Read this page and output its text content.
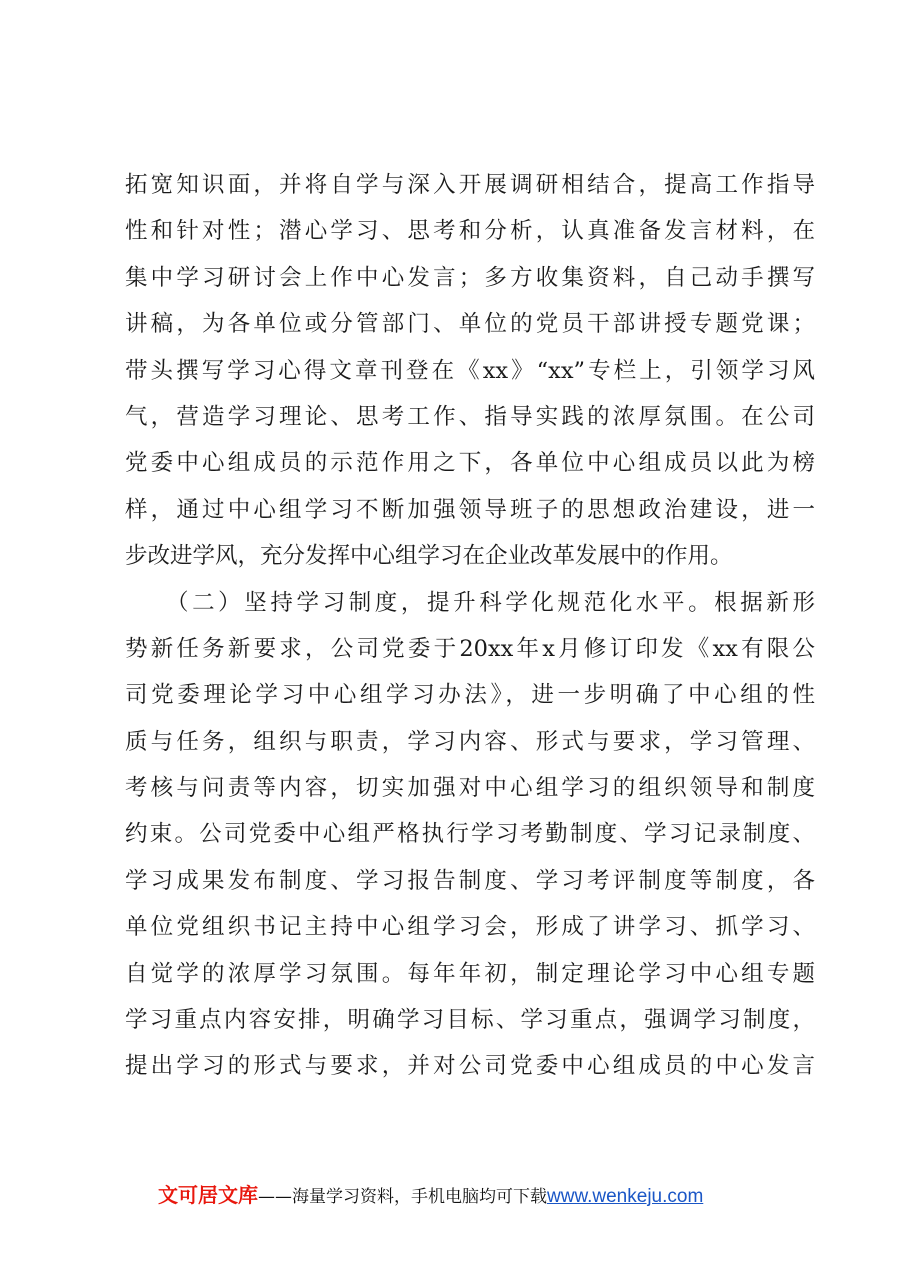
拓宽知识面，并将自学与深入开展调研相结合，提高工作指导
性和针对性；潜心学习、思考和分析，认真准备发言材料，在
集中学习研讨会上作中心发言；多方收集资料，自己动手撰写
讲稿，为各单位或分管部门、单位的党员干部讲授专题党课；
带头撰写学习心得文章刊登在《xx》“xx”专栏上，引领学习风
气，营造学习理论、思考工作、指导实践的浓厚氛围。在公司
党委中心组成员的示范作用之下，各单位中心组成员以此为榜
样，通过中心组学习不断加强领导班子的思想政治建设，进一
步改进学风，充分发挥中心组学习在企业改革发展中的作用。
　　（二）坚持学习制度，提升科学化规范化水平。根据新形
势新任务新要求，公司党委于20xx年x月修订印发《xx有限公
司党委理论学习中心组学习办法》，进一步明确了中心组的性
质与任务，组织与职责，学习内容、形式与要求，学习管理、
考核与问责等内容，切实加强对中心组学习的组织领导和制度
约束。公司党委中心组严格执行学习考勤制度、学习记录制度、
学习成果发布制度、学习报告制度、学习考评制度等制度，各
单位党组织书记主持中心组学习会，形成了讲学习、抓学习、
自觉学的浓厚学习氛围。每年年初，制定理论学习中心组专题
学习重点内容安排，明确学习目标、学习重点，强调学习制度，
提出学习的形式与要求，并对公司党委中心组成员的中心发言
文可居文库——海量学习资料，手机电脑均可下载www.wenkeju.com
